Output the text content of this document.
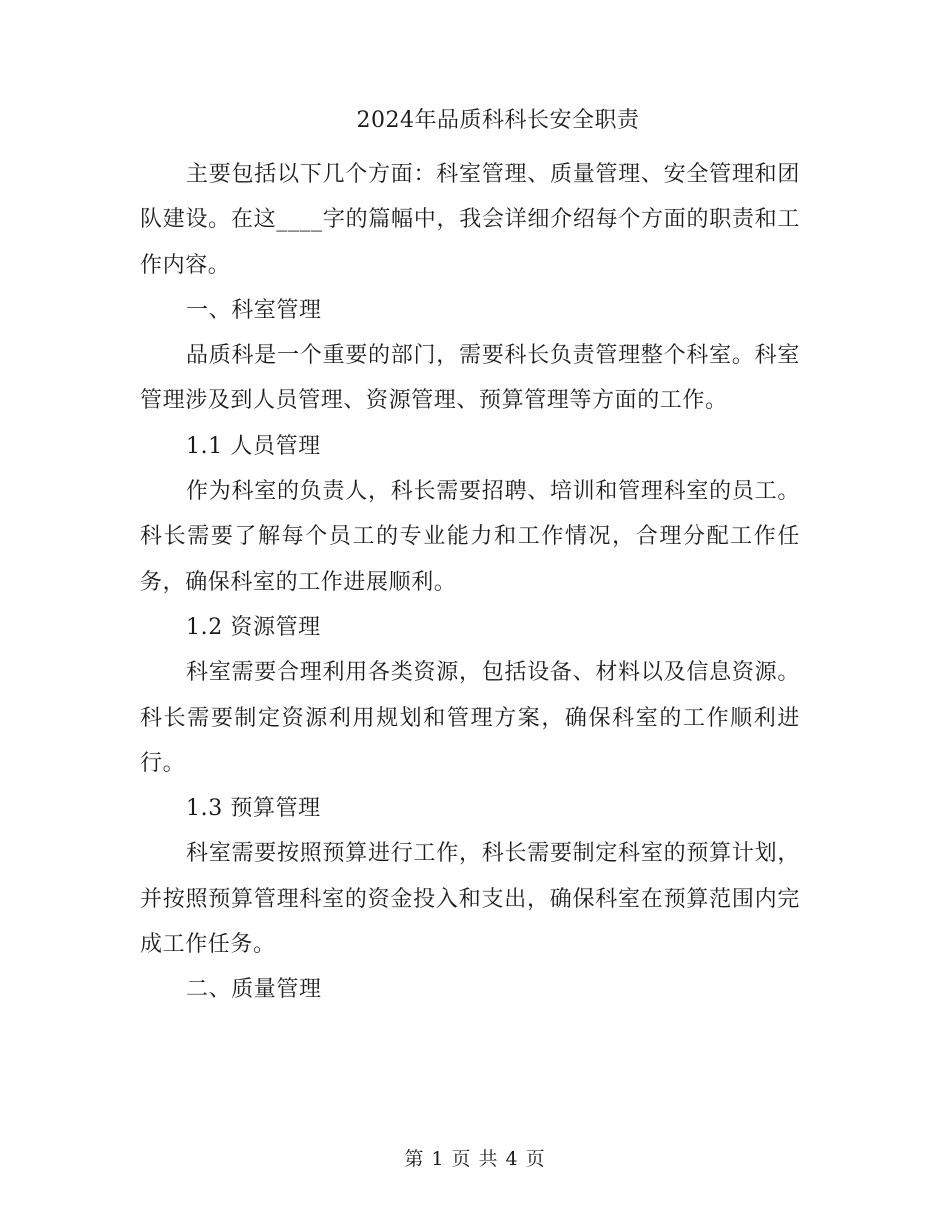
2024年品质科科长安全职责

主要包括以下几个方面：科室管理、质量管理、安全管理和团队建设。在这____字的篇幅中，我会详细介绍每个方面的职责和工作内容。

一、科室管理

品质科是一个重要的部门，需要科长负责管理整个科室。科室管理涉及到人员管理、资源管理、预算管理等方面的工作。

1.1 人员管理

作为科室的负责人，科长需要招聘、培训和管理科室的员工。科长需要了解每个员工的专业能力和工作情况，合理分配工作任务，确保科室的工作进展顺利。

1.2 资源管理

科室需要合理利用各类资源，包括设备、材料以及信息资源。科长需要制定资源利用规划和管理方案，确保科室的工作顺利进行。

1.3 预算管理

科室需要按照预算进行工作，科长需要制定科室的预算计划，并按照预算管理科室的资金投入和支出，确保科室在预算范围内完成工作任务。

二、质量管理

第 1 页 共 4 页
